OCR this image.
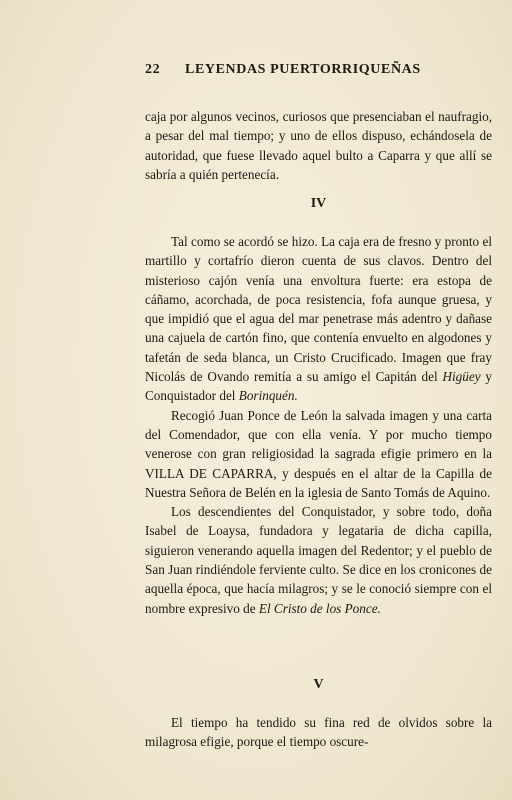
22 LEYENDAS PUERTORRIQUEÑAS

caja por algunos vecinos, curiosos que presenciaban el naufragio, a pesar del mal tiempo; y uno de ellos dispuso, echándosela de autoridad, que fuese llevado aquel bulto a Caparra y que allí se sabría a quién pertenecía.

IV

Tal como se acordó se hizo. La caja era de fresno y pronto el martillo y cortafrío dieron cuenta de sus clavos. Dentro del misterioso cajón venía una envoltura fuerte: era estopa de cáñamo, acorchada, de poca resistencia, fofa aunque gruesa, y que impidió que el agua del mar penetrase más adentro y dañase una cajuela de cartón fino, que contenía envuelto en algodones y tafetán de seda blanca, un Cristo Crucificado. Imagen que fray Nicolás de Ovando remitía a su amigo el Capitán del Higüey y Conquistador del Borinquén.

Recogió Juan Ponce de León la salvada imagen y una carta del Comendador, que con ella venía. Y por mucho tiempo venerose con gran religiosidad la sagrada efigie primero en la VILLA DE CAPARRA, y después en el altar de la Capilla de Nuestra Señora de Belén en la iglesia de Santo Tomás de Aquino.

Los descendientes del Conquistador, y sobre todo, doña Isabel de Loaysa, fundadora y legataria de dicha capilla, siguieron venerando aquella imagen del Redentor; y el pueblo de San Juan rindiéndole ferviente culto. Se dice en los cronicones de aquella época, que hacía milagros; y se le conoció siempre con el nombre expresivo de El Cristo de los Ponce.

V

El tiempo ha tendido su fina red de olvidos sobre la milagrosa efigie, porque el tiempo oscure-
